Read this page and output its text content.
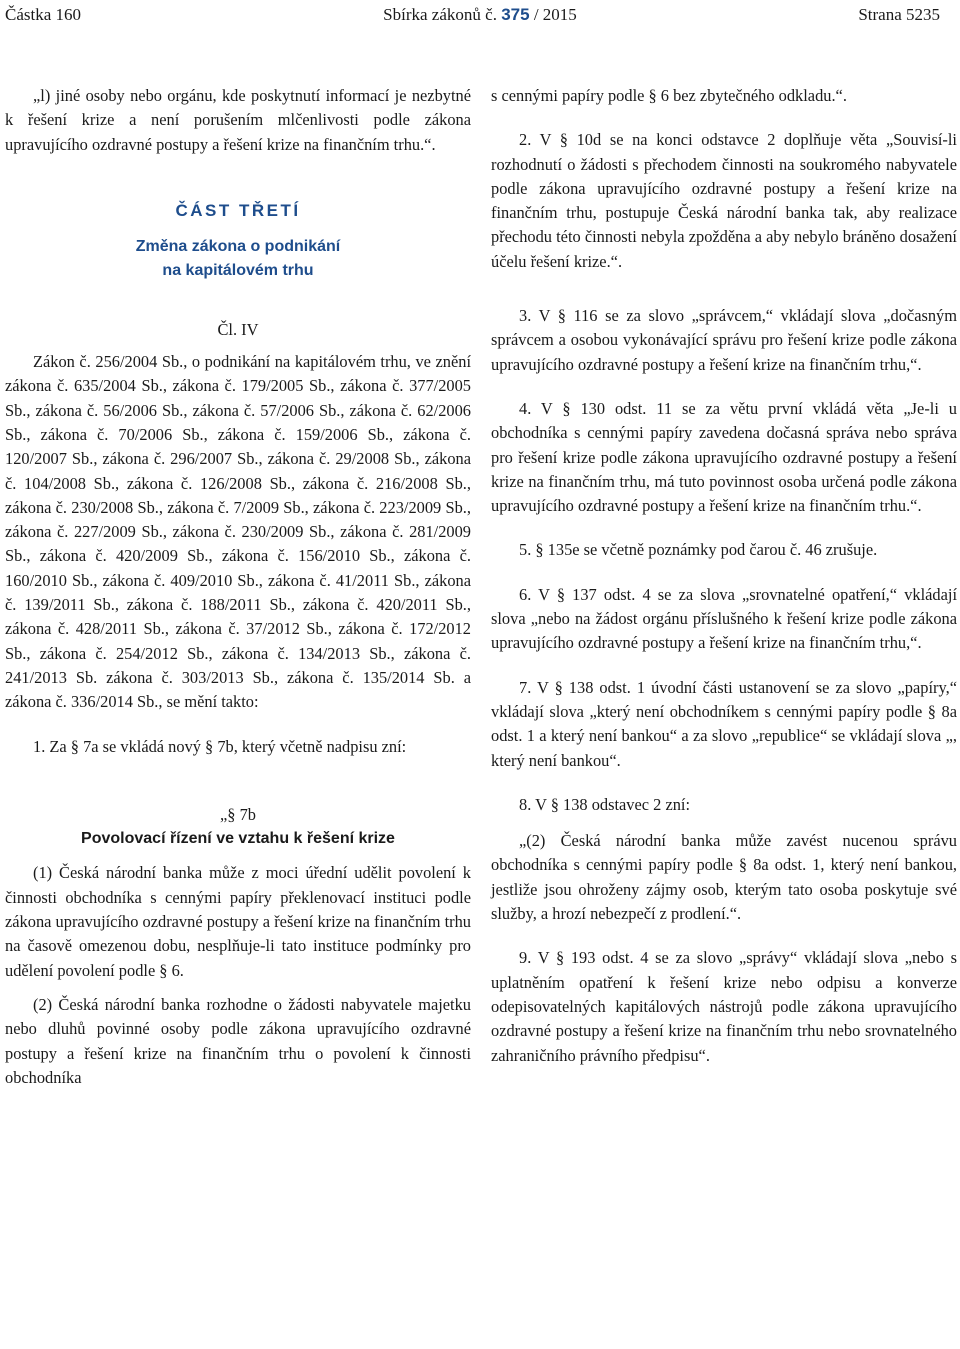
Částka 160	Sbírka zákonů č. 375 / 2015	Strana 5235

„l) jiné osoby nebo orgánu, kde poskytnutí informací je nezbytné k řešení krize a není porušením mlčenlivosti podle zákona upravujícího ozdravné postupy a řešení krize na finančním trhu.“.

ČÁST TŘETÍ

Změna zákona o podnikání

na kapitálovém trhu

Čl. IV

Zákon č. 256/2004 Sb., o podnikání na kapitálovém trhu, ve znění zákona č. 635/2004 Sb., zákona č. 179/2005 Sb., zákona č. 377/2005 Sb., zákona č. 56/2006 Sb., zákona č. 57/2006 Sb., zákona č. 62/2006 Sb., zákona č. 70/2006 Sb., zákona č. 159/2006 Sb., zákona č. 120/2007 Sb., zákona č. 296/2007 Sb., zákona č. 29/2008 Sb., zákona č. 104/2008 Sb., zákona č. 126/2008 Sb., zákona č. 216/2008 Sb., zákona č. 230/2008 Sb., zákona č. 7/2009 Sb., zákona č. 223/2009 Sb., zákona č. 227/2009 Sb., zákona č. 230/2009 Sb., zákona č. 281/2009 Sb., zákona č. 420/2009 Sb., zákona č. 156/2010 Sb., zákona č. 160/2010 Sb., zákona č. 409/2010 Sb., zákona č. 41/2011 Sb., zákona č. 139/2011 Sb., zákona č. 188/2011 Sb., zákona č. 420/2011 Sb., zákona č. 428/2011 Sb., zákona č. 37/2012 Sb., zákona č. 172/2012 Sb., zákona č. 254/2012 Sb., zákona č. 134/2013 Sb., zákona č. 241/2013 Sb. zákona č. 303/2013 Sb., zákona č. 135/2014 Sb. a zákona č. 336/2014 Sb., se mění takto:

1. Za § 7a se vkládá nový § 7b, který včetně nadpisu zní:

„§ 7b

Povolovací řízení ve vztahu k řešení krize

(1) Česká národní banka může z moci úřední udělit povolení k činnosti obchodníka s cennými papíry překlenovací instituci podle zákona upravujícího ozdravné postupy a řešení krize na finančním trhu na časově omezenou dobu, nesplňuje-li tato instituce podmínky pro udělení povolení podle § 6.

(2) Česká národní banka rozhodne o žádosti nabyvatele majetku nebo dluhů povinné osoby podle zákona upravujícího ozdravné postupy a řešení krize na finančním trhu o povolení k činnosti obchodníka

s cennými papíry podle § 6 bez zbytečného odkladu.“.

2. V § 10d se na konci odstavce 2 doplňuje věta „Souvisí-li rozhodnutí o žádosti s přechodem činnosti na soukromého nabyvatele podle zákona upravujícího ozdravné postupy a řešení krize na finančním trhu, postupuje Česká národní banka tak, aby realizace přechodu této činnosti nebyla zpožděna a aby nebylo bráněno dosažení účelu řešení krize.“.

3. V § 116 se za slovo „správcem,“ vkládají slova „dočasným správcem a osobou vykonávající správu pro řešení krize podle zákona upravujícího ozdravné postupy a řešení krize na finančním trhu,“.

4. V § 130 odst. 11 se za větu první vkládá věta „Je-li u obchodníka s cennými papíry zavedena dočasná správa nebo správa pro řešení krize podle zákona upravujícího ozdravné postupy a řešení krize na finančním trhu, má tuto povinnost osoba určená podle zákona upravujícího ozdravné postupy a řešení krize na finančním trhu.“.

5. § 135e se včetně poznámky pod čarou č. 46 zrušuje.

6. V § 137 odst. 4 se za slova „srovnatelné opatření,“ vkládají slova „nebo na žádost orgánu příslušného k řešení krize podle zákona upravujícího ozdravné postupy a řešení krize na finančním trhu,“.

7. V § 138 odst. 1 úvodní části ustanovení se za slovo „papíry,“ vkládají slova „který není obchodníkem s cennými papíry podle § 8a odst. 1 a který není bankou“ a za slovo „republice“ se vkládají slova „, který není bankou“.

8. V § 138 odstavec 2 zní:

„(2) Česká národní banka může zavést nucenou správu obchodníka s cennými papíry podle § 8a odst. 1, který není bankou, jestliže jsou ohroženy zájmy osob, kterým tato osoba poskytuje své služby, a hrozí nebezpečí z prodlení.“.

9. V § 193 odst. 4 se za slovo „správy“ vkládají slova „nebo s uplatněním opatření k řešení krize nebo odpisu a konverze odepisovatelných kapitálových nástrojů podle zákona upravujícího ozdravné postupy a řešení krize na finančním trhu nebo srovnatelného zahraničního právního předpisu“.
